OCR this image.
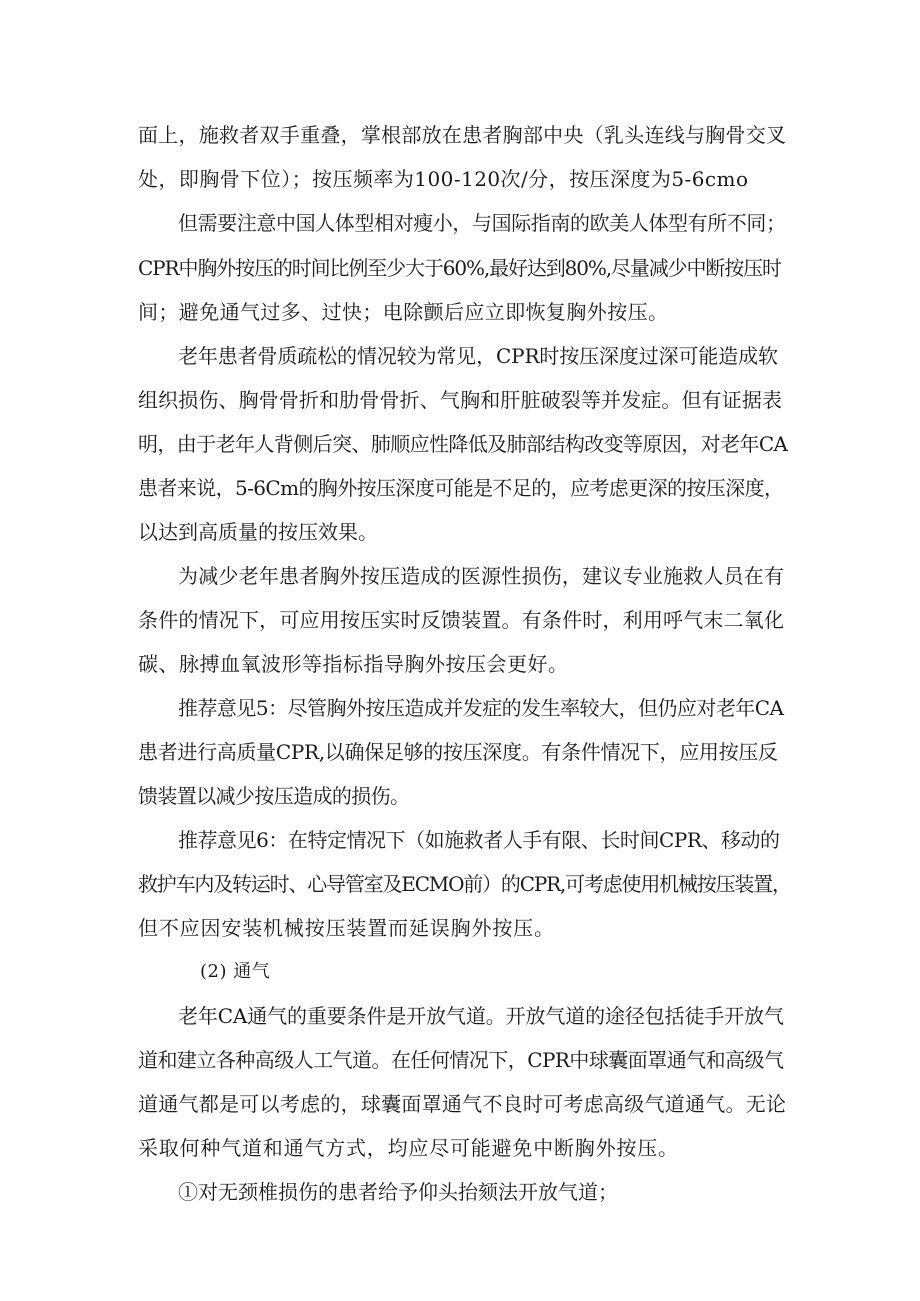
面上，施救者双手重叠，掌根部放在患者胸部中央（乳头连线与胸骨交叉
处，即胸骨下位）；按压频率为100-120次/分，按压深度为5-6cmo
但需要注意中国人体型相对瘦小，与国际指南的欧美人体型有所不同；
CPR中胸外按压的时间比例至少大于60%,最好达到80%,尽量减少中断按压时
间；避免通气过多、过快；电除颤后应立即恢复胸外按压。
老年患者骨质疏松的情况较为常见，CPR时按压深度过深可能造成软
组织损伤、胸骨骨折和肋骨骨折、气胸和肝脏破裂等并发症。但有证据表
明，由于老年人背侧后突、肺顺应性降低及肺部结构改变等原因，对老年CA
患者来说，5-6Cm的胸外按压深度可能是不足的，应考虑更深的按压深度，
以达到高质量的按压效果。
为减少老年患者胸外按压造成的医源性损伤，建议专业施救人员在有
条件的情况下，可应用按压实时反馈装置。有条件时，利用呼气末二氧化
碳、脉搏血氧波形等指标指导胸外按压会更好。
推荐意见5：尽管胸外按压造成并发症的发生率较大，但仍应对老年CA
患者进行高质量CPR,以确保足够的按压深度。有条件情况下，应用按压反
馈装置以减少按压造成的损伤。
推荐意见6：在特定情况下（如施救者人手有限、长时间CPR、移动的
救护车内及转运时、心导管室及ECMO前）的CPR,可考虑使用机械按压装置，
但不应因安装机械按压装置而延误胸外按压。
(2) 通气
老年CA通气的重要条件是开放气道。开放气道的途径包括徒手开放气
道和建立各种高级人工气道。在任何情况下，CPR中球囊面罩通气和高级气
道通气都是可以考虑的，球囊面罩通气不良时可考虑高级气道通气。无论
采取何种气道和通气方式，均应尽可能避免中断胸外按压。
①对无颈椎损伤的患者给予仰头抬颏法开放气道；
